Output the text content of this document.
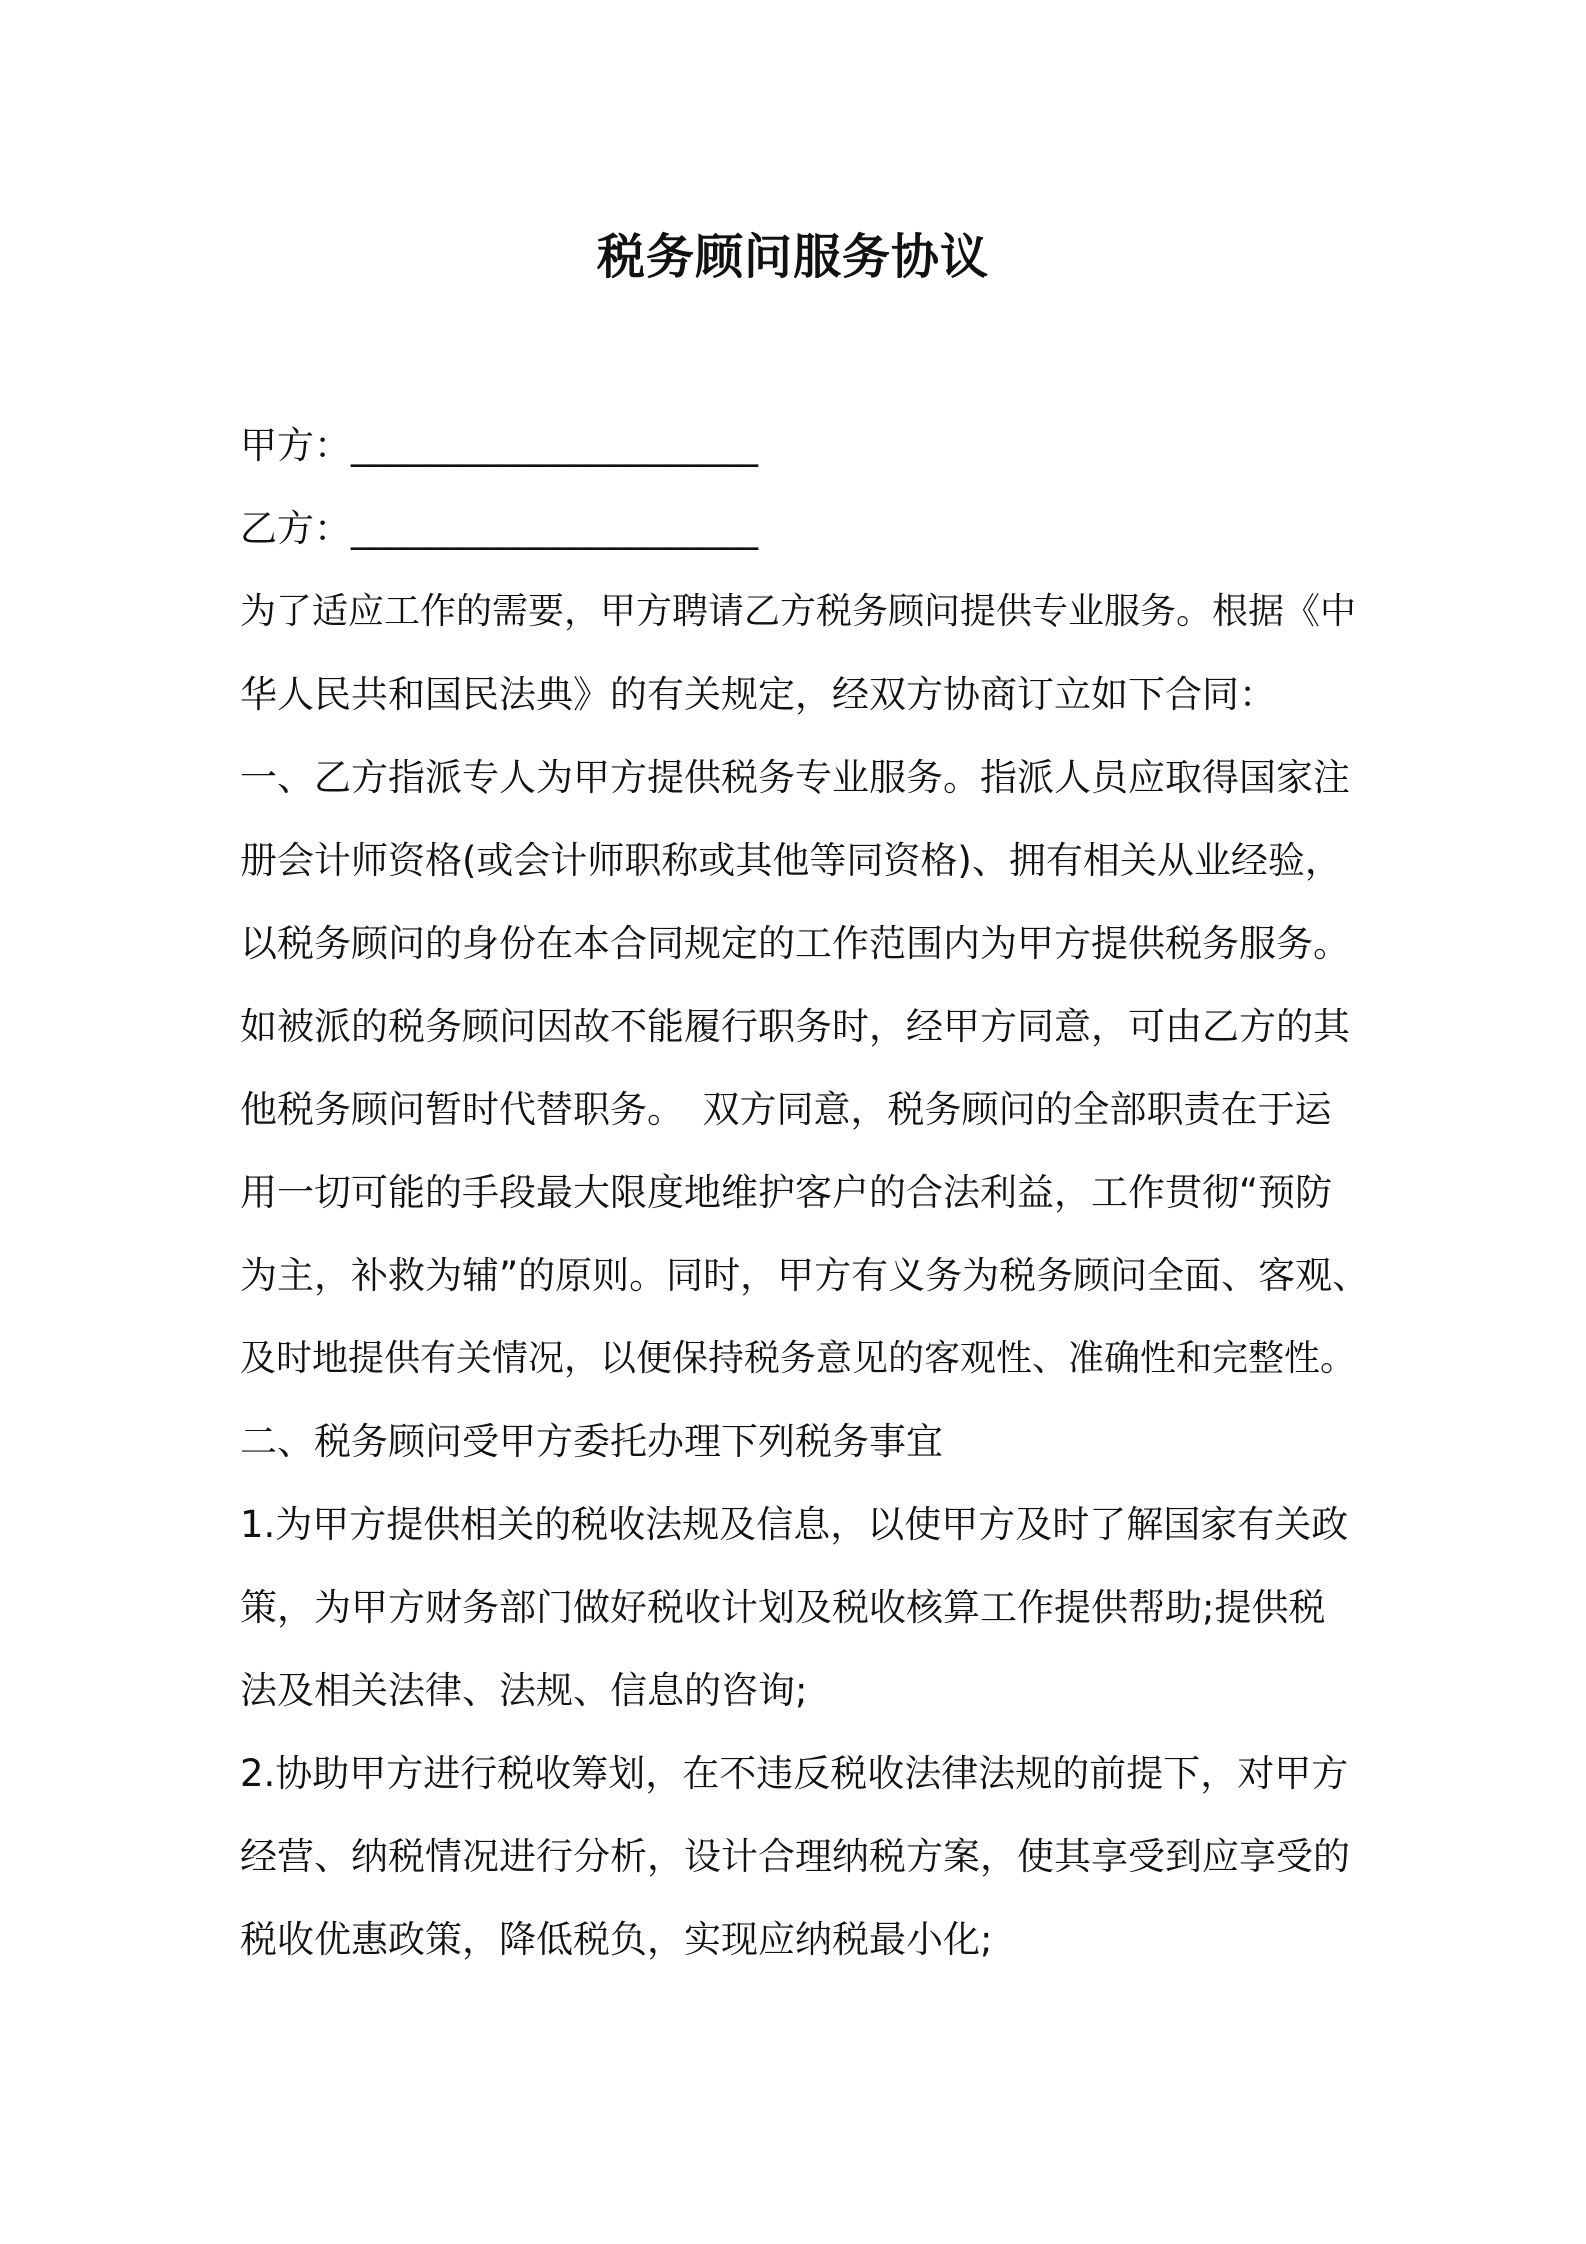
税务顾问服务协议
甲方：______________________
乙方：______________________
为了适应工作的需要，甲方聘请乙方税务顾问提供专业服务。根据《中
华人民共和国民法典》的有关规定，经双方协商订立如下合同：
一、乙方指派专人为甲方提供税务专业服务。指派人员应取得国家注
册会计师资格(或会计师职称或其他等同资格)、拥有相关从业经验，
以税务顾问的身份在本合同规定的工作范围内为甲方提供税务服务。
如被派的税务顾问因故不能履行职务时，经甲方同意，可由乙方的其
他税务顾问暂时代替职务。　双方同意，税务顾问的全部职责在于运
用一切可能的手段最大限度地维护客户的合法利益，工作贯彻“预防
为主，补救为辅”的原则。同时，甲方有义务为税务顾问全面、客观、
及时地提供有关情况，以便保持税务意见的客观性、准确性和完整性。
二、税务顾问受甲方委托办理下列税务事宜
1.为甲方提供相关的税收法规及信息，以使甲方及时了解国家有关政
策，为甲方财务部门做好税收计划及税收核算工作提供帮助;提供税
法及相关法律、法规、信息的咨询;
2.协助甲方进行税收筹划，在不违反税收法律法规的前提下，对甲方
经营、纳税情况进行分析，设计合理纳税方案，使其享受到应享受的
税收优惠政策，降低税负，实现应纳税最小化;
